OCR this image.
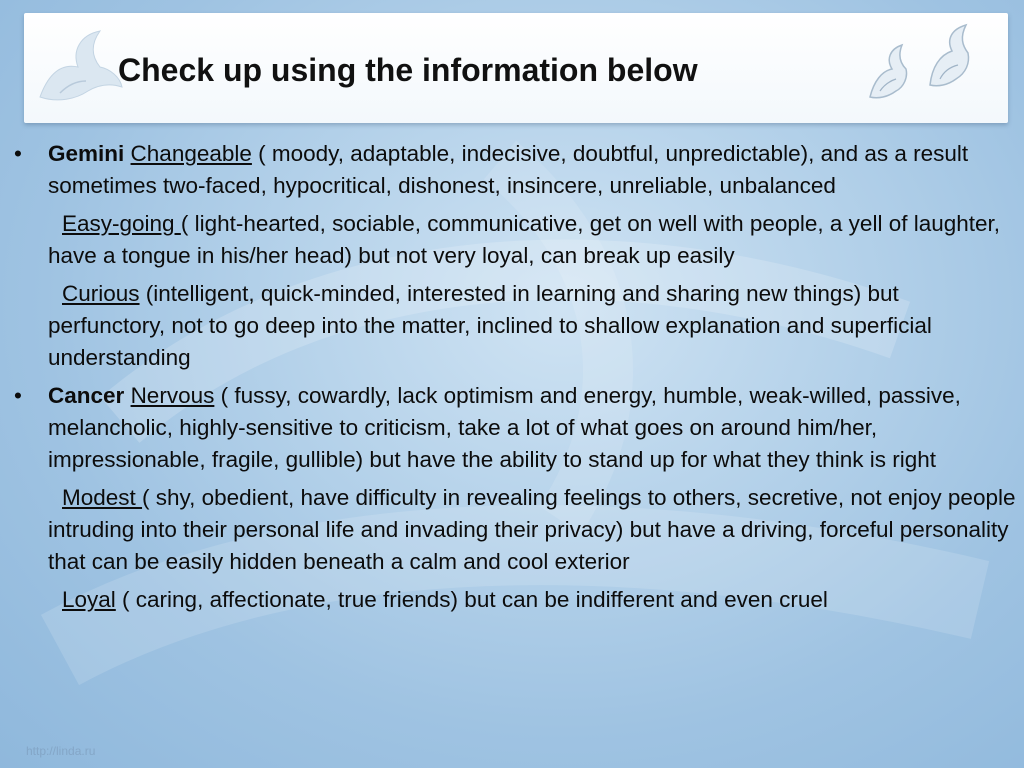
Check up using the information below

• Gemini Changeable ( moody, adaptable, indecisive, doubtful, unpredictable), and as a result sometimes two-faced, hypocritical, dishonest, insincere, unreliable, unbalanced

Easy-going ( light-hearted, sociable, communicative, get on well with people, a yell of laughter, have a tongue in his/her head) but not very loyal, can break up easily

Curious (intelligent, quick-minded, interested in learning and sharing new things) but perfunctory, not to go deep into the matter, inclined to shallow explanation and superficial understanding

• Cancer Nervous ( fussy, cowardly, lack optimism and energy, humble, weak-willed, passive, melancholic, highly-sensitive to criticism, take a lot of what goes on around him/her, impressionable, fragile, gullible) but have the ability to stand up for what they think is right

Modest ( shy, obedient, have difficulty in revealing feelings to others, secretive, not enjoy people intruding into their personal life and invading their privacy) but have a driving, forceful personality that can be easily hidden beneath a calm and cool exterior

Loyal ( caring, affectionate, true friends) but can be indifferent and even cruel

http://linda.ru
